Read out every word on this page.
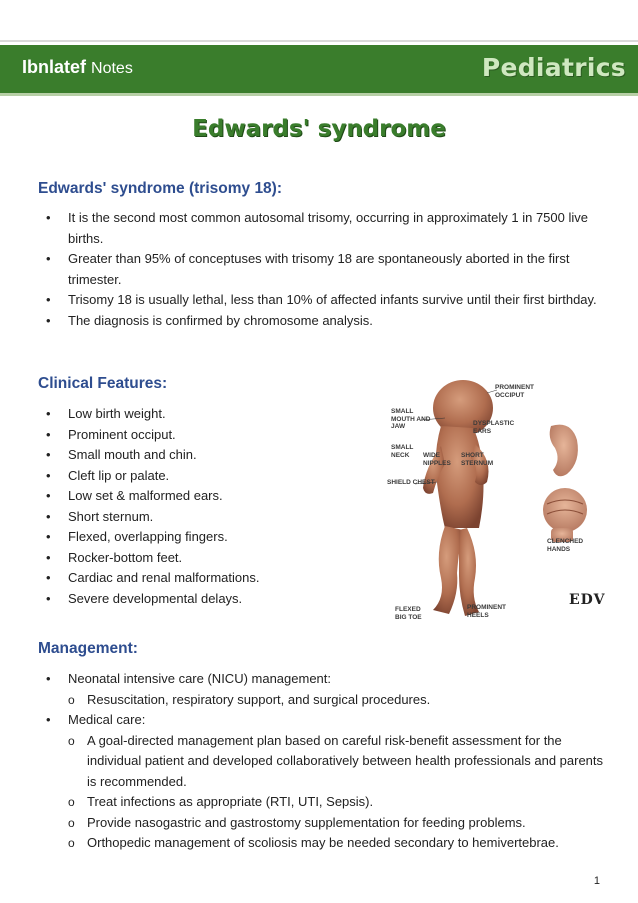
Ibnlatef Notes	Pediatrics
Edwards' syndrome
Edwards' syndrome (trisomy 18):
• It is the second most common autosomal trisomy, occurring in approximately 1 in 7500 live births.
• Greater than 95% of conceptuses with trisomy 18 are spontaneously aborted in the first trimester.
• Trisomy 18 is usually lethal, less than 10% of affected infants survive until their first birthday.
• The diagnosis is confirmed by chromosome analysis.
Clinical Features:
• Low birth weight.
• Prominent occiput.
• Small mouth and chin.
• Cleft lip or palate.
• Low set & malformed ears.
• Short sternum.
• Flexed, overlapping fingers.
• Rocker-bottom feet.
• Cardiac and renal malformations.
• Severe developmental delays.
PROMINENT OCCIPUT
SMALL MOUTH AND JAW	DYSPLASTIC EARS
SMALL NECK	WIDE NIPPLES
SHORT STERNUM
SHIELD CHEST
CLENCHED HANDS
FLEXED BIG TOE
PROMINENT HEELS
EDV
Management:
• Neonatal intensive care (NICU) management:
o Resuscitation, respiratory support, and surgical procedures.
• Medical care:
o A goal-directed management plan based on careful risk-benefit assessment for the individual patient and developed collaboratively between health professionals and parents is recommended.
o Treat infections as appropriate (RTI, UTI, Sepsis).
o Provide nasogastric and gastrostomy supplementation for feeding problems.
o Orthopedic management of scoliosis may be needed secondary to hemivertebrae.
1
